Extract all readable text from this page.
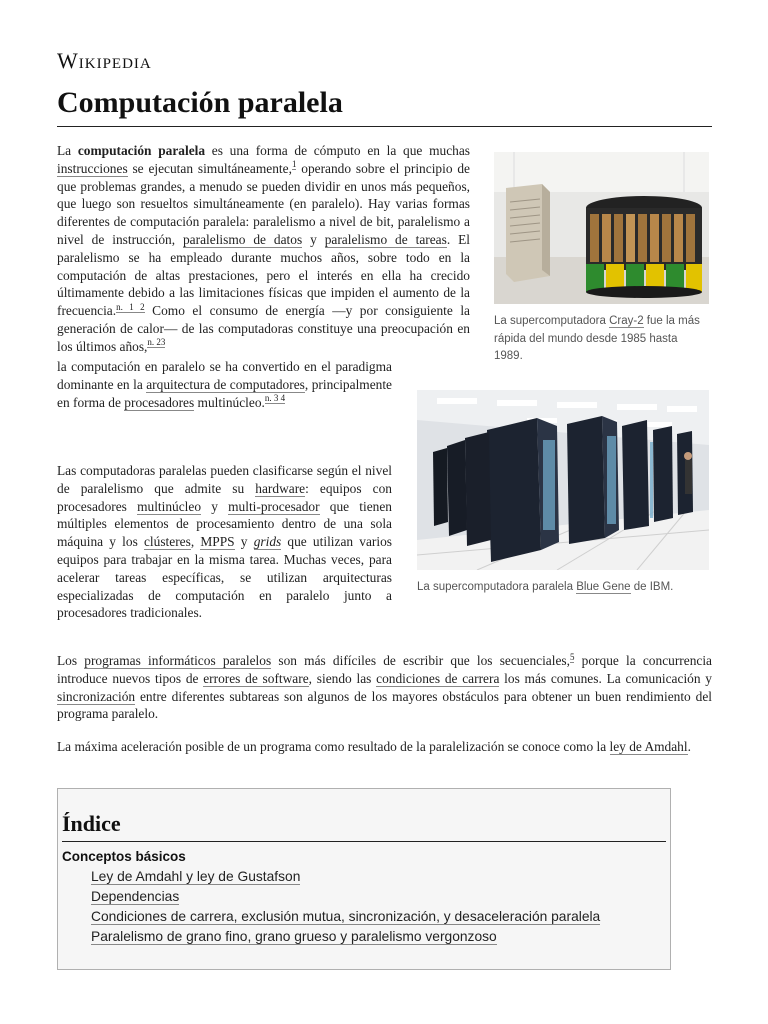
Wikipedia
Computación paralela

La computación paralela es una forma de cómputo en la que muchas instrucciones se ejecutan simultáneamente,$^1$ operando sobre el principio de que problemas grandes, a menudo se pueden dividir en unos más pequeños, que luego son resueltos simultáneamente (en paralelo). Hay varias formas diferentes de computación paralela: paralelismo a nivel de bit, paralelismo a nivel de instrucción, paralelismo de datos y paralelismo de tareas. El paralelismo se ha empleado durante muchos años, sobre todo en la computación de altas prestaciones, pero el interés en ella ha crecido últimamente debido a las limitaciones físicas que impiden el aumento de la frecuencia.$^{n. 1}$ $^2$ Como el consumo de energía —y por consiguiente la generación de calor— de las computadoras constituye una preocupación en los últimos años,$^{n. 23}$

La supercomputadora Cray-2 fue la más rápida del mundo desde 1985 hasta 1989.

la computación en paralelo se ha convertido en el paradigma dominante en la arquitectura de computadores, principalmente en forma de procesadores multinúcleo.$^{n. 3}$ $^4$

La supercomputadora paralela Blue Gene de IBM.

Las computadoras paralelas pueden clasificarse según el nivel de paralelismo que admite su hardware: equipos con procesadores multinúcleo y multi-procesador que tienen múltiples elementos de procesamiento dentro de una sola máquina y los clústeres, MPPS y grids que utilizan varios equipos para trabajar en la misma tarea. Muchas veces, para acelerar tareas específicas, se utilizan arquitecturas especializadas de computación en paralelo junto a procesadores tradicionales.

Los programas informáticos paralelos son más difíciles de escribir que los secuenciales,$^5$ porque la concurrencia introduce nuevos tipos de errores de software, siendo las condiciones de carrera los más comunes. La comunicación y sincronización entre diferentes subtareas son algunos de los mayores obstáculos para obtener un buen rendimiento del programa paralelo.

La máxima aceleración posible de un programa como resultado de la paralelización se conoce como la ley de Amdahl.

Índice
Conceptos básicos
Ley de Amdahl y ley de Gustafson
Dependencias
Condiciones de carrera, exclusión mutua, sincronización, y desaceleración paralela
Paralelismo de grano fino, grano grueso y paralelismo vergonzoso
